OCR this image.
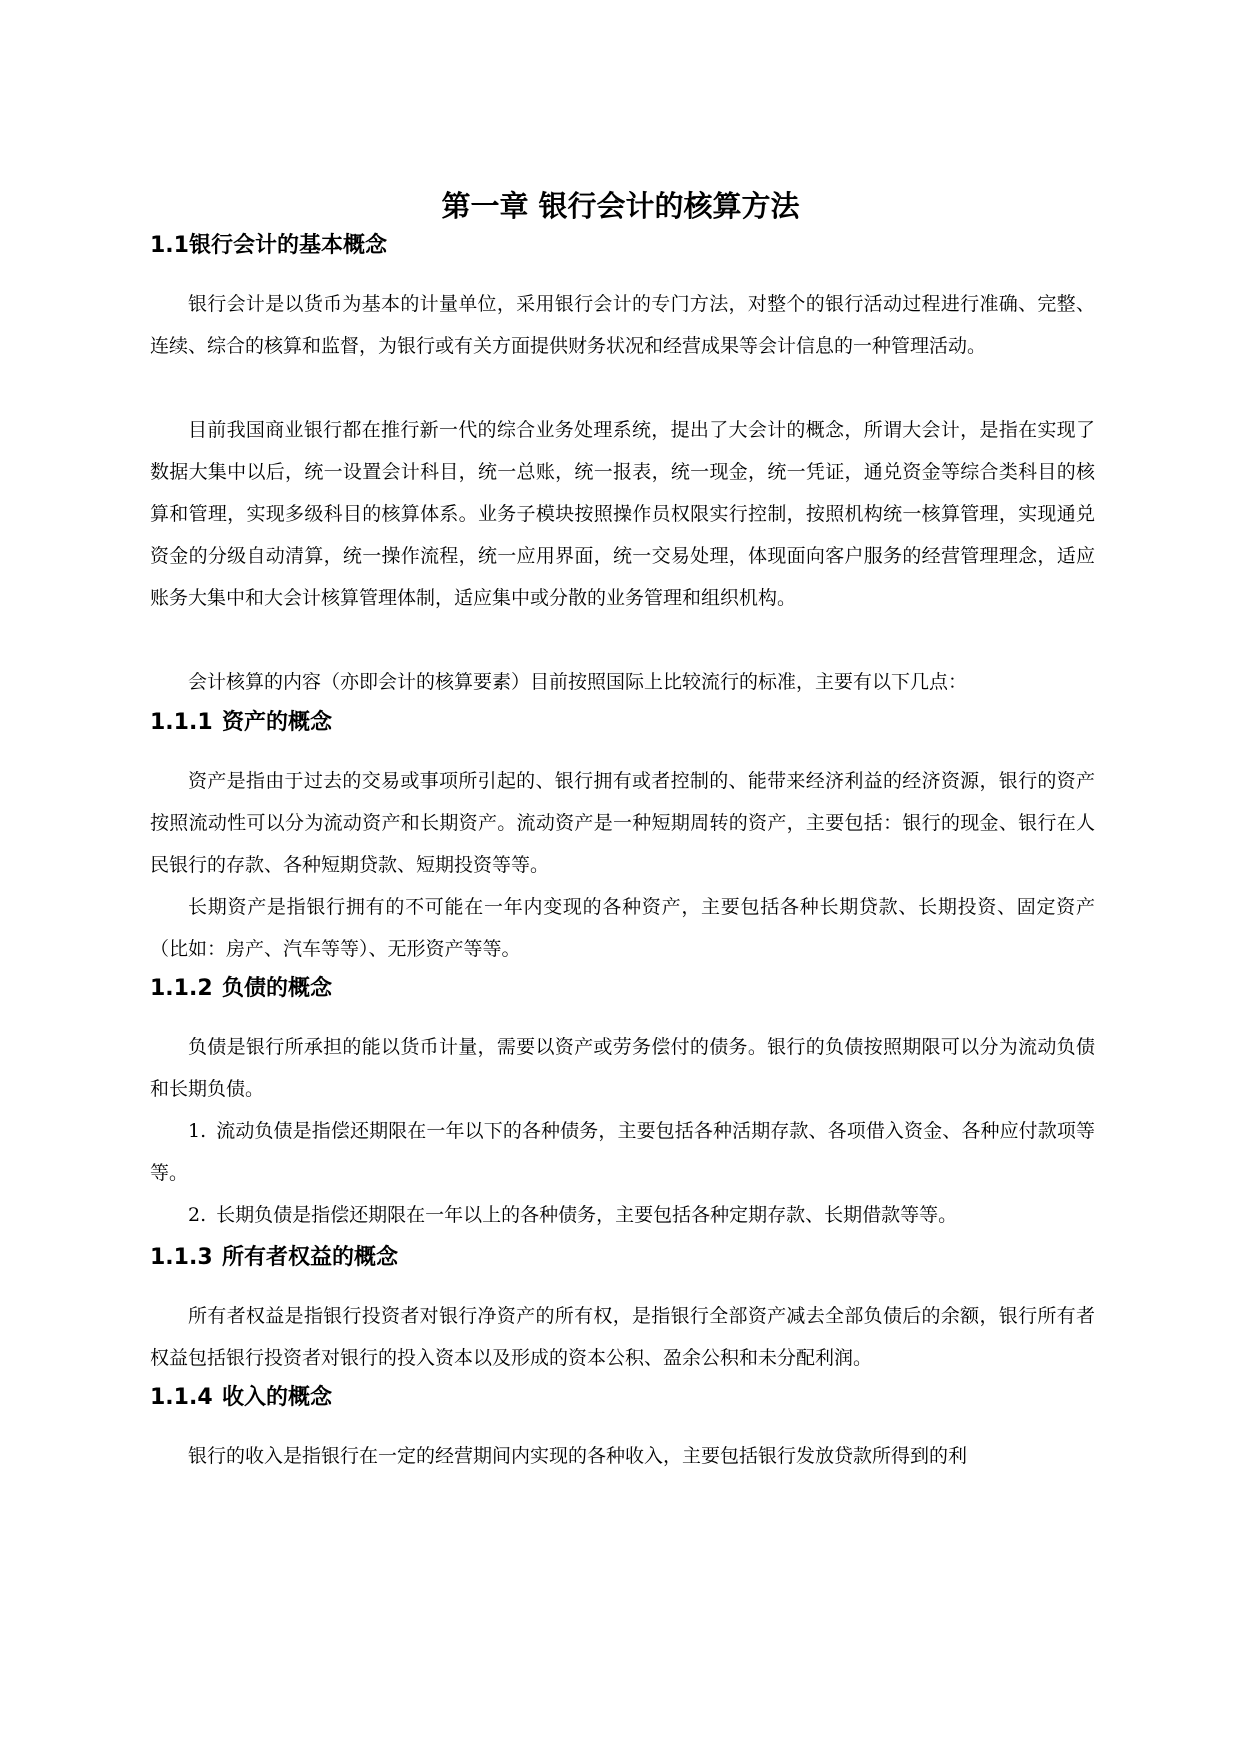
第一章 银行会计的核算方法
1.1银行会计的基本概念

银行会计是以货币为基本的计量单位，采用银行会计的专门方法，对整个的银行活动过程进行准确、完整、连续、综合的核算和监督，为银行或有关方面提供财务状况和经营成果等会计信息的一种管理活动。

目前我国商业银行都在推行新一代的综合业务处理系统，提出了大会计的概念，所谓大会计，是指在实现了数据大集中以后，统一设置会计科目，统一总账，统一报表，统一现金，统一凭证，通兑资金等综合类科目的核算和管理，实现多级科目的核算体系。业务子模块按照操作员权限实行控制，按照机构统一核算管理，实现通兑资金的分级自动清算，统一操作流程，统一应用界面，统一交易处理，体现面向客户服务的经营管理理念，适应账务大集中和大会计核算管理体制，适应集中或分散的业务管理和组织机构。

会计核算的内容（亦即会计的核算要素）目前按照国际上比较流行的标准，主要有以下几点：

1.1.1 资产的概念

资产是指由于过去的交易或事项所引起的、银行拥有或者控制的、能带来经济利益的经济资源，银行的资产按照流动性可以分为流动资产和长期资产。流动资产是一种短期周转的资产，主要包括：银行的现金、银行在人民银行的存款、各种短期贷款、短期投资等等。

长期资产是指银行拥有的不可能在一年内变现的各种资产，主要包括各种长期贷款、长期投资、固定资产（比如：房产、汽车等等）、无形资产等等。

1.1.2 负债的概念

负债是银行所承担的能以货币计量，需要以资产或劳务偿付的债务。银行的负债按照期限可以分为流动负债和长期负债。

1. 流动负债是指偿还期限在一年以下的各种债务，主要包括各种活期存款、各项借入资金、各种应付款项等等。

2. 长期负债是指偿还期限在一年以上的各种债务，主要包括各种定期存款、长期借款等等。

1.1.3 所有者权益的概念

所有者权益是指银行投资者对银行净资产的所有权，是指银行全部资产减去全部负债后的余额，银行所有者权益包括银行投资者对银行的投入资本以及形成的资本公积、盈余公积和未分配利润。

1.1.4 收入的概念

银行的收入是指银行在一定的经营期间内实现的各种收入，主要包括银行发放贷款所得到的利
